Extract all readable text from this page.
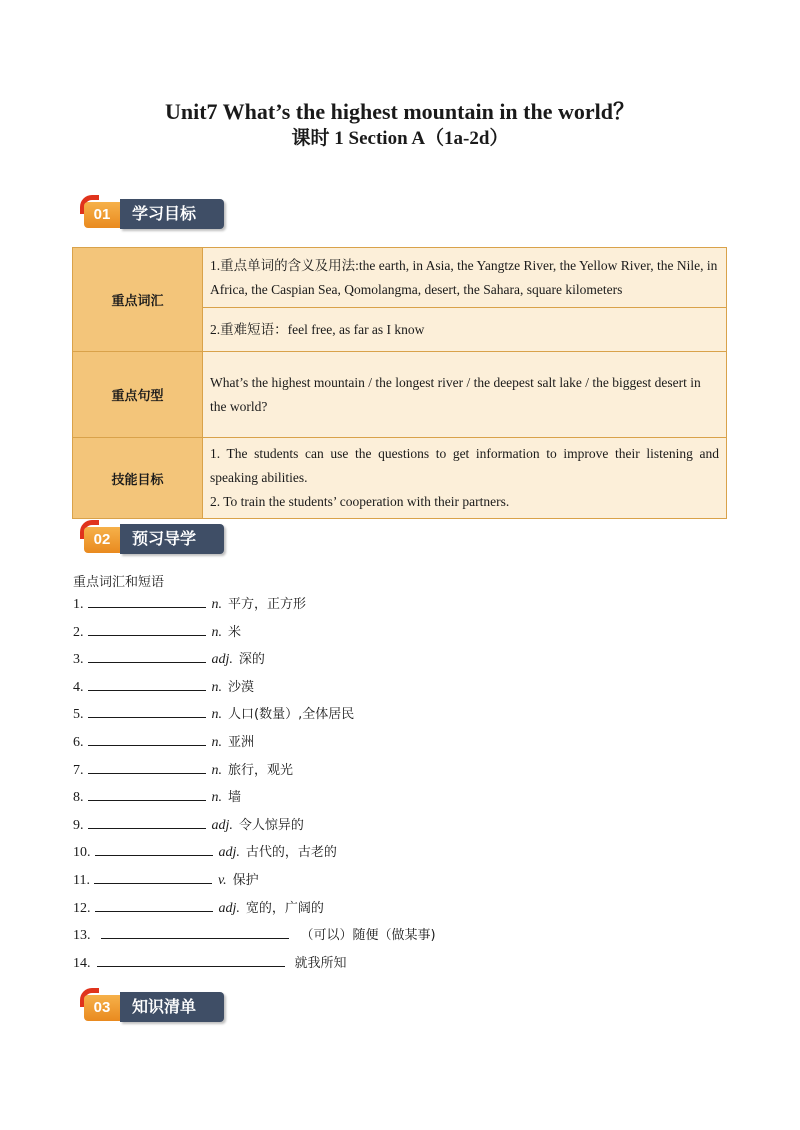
Unit7 What’s the highest mountain in the world？
课时 1 Section A（1a-2d）
01	学习目标
重点词汇	1.重点单词的含义及用法:the earth, in Asia, the Yangtze River, the Yellow River, the Nile, in Africa, the Caspian Sea, Qomolangma, desert, the Sahara, square kilometers
	2.重难短语：feel free, as far as I know
重点句型	What’s the highest mountain / the longest river / the deepest salt lake / the biggest desert in the world?
技能目标	1. The students can use the questions to get information to improve their listening and speaking abilities.
2. To train the students’ cooperation with their partners.
02	预习导学
重点词汇和短语
1.	n. 平方，正方形
2.	n. 米
3.	adj. 深的
4.	n. 沙漠
5.	n. 人口(数量）,全体居民
6.	n. 亚洲
7.	n. 旅行，观光
8.	n. 墙
9.	adj. 令人惊异的
10.	adj. 古代的，古老的
11.	v. 保护
12.	adj. 宽的，广阔的
13.	（可以）随便（做某事)
14.	就我所知
03	知识清单
